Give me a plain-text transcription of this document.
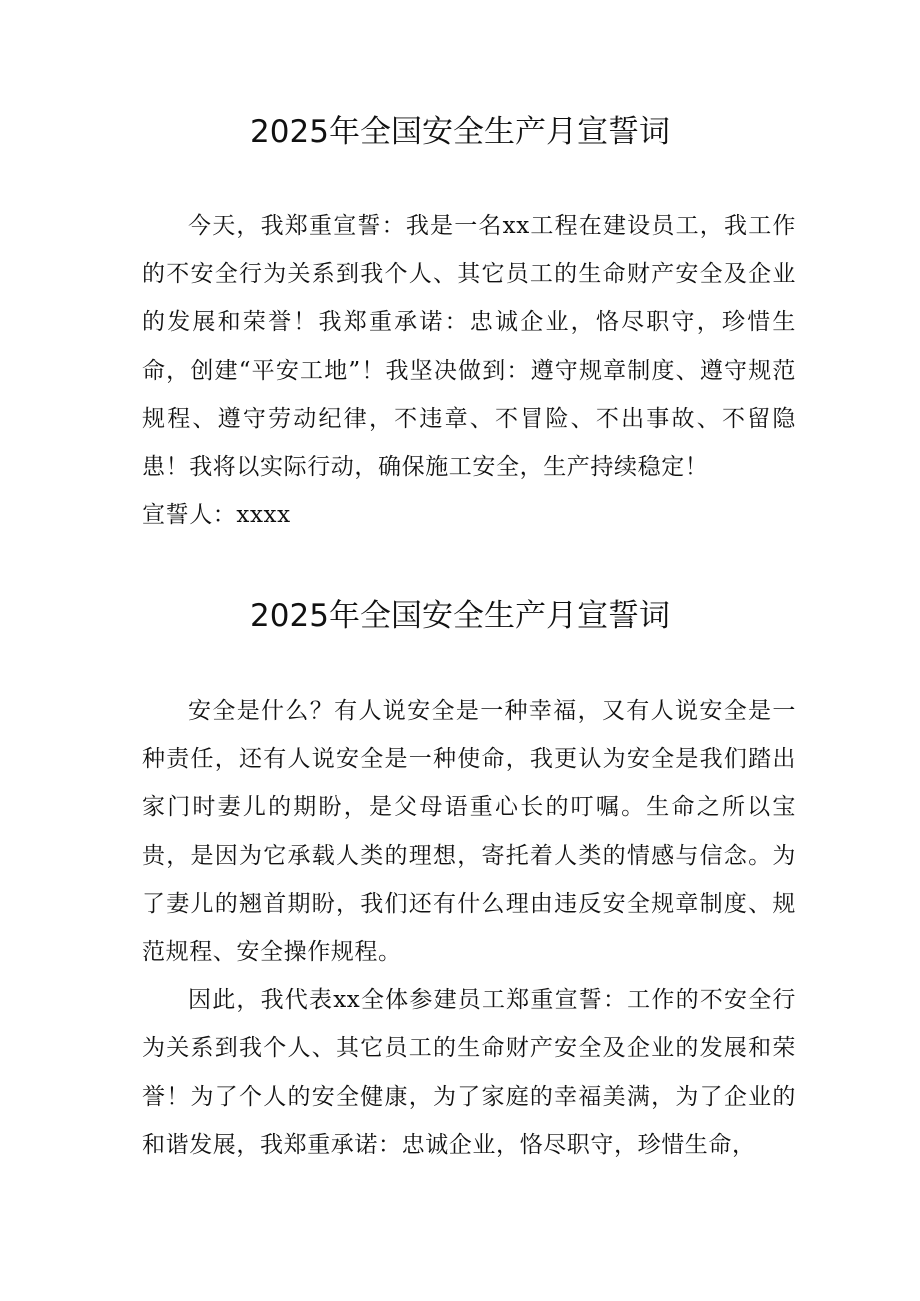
2025年全国安全生产月宣誓词

今天，我郑重宣誓：我是一名xx工程在建设员工，我工作的不安全行为关系到我个人、其它员工的生命财产安全及企业的发展和荣誉！我郑重承诺：忠诚企业，恪尽职守，珍惜生命，创建“平安工地”！我坚决做到：遵守规章制度、遵守规范规程、遵守劳动纪律，不违章、不冒险、不出事故、不留隐患！我将以实际行动，确保施工安全，生产持续稳定！

宣誓人：xxxx

2025年全国安全生产月宣誓词

安全是什么？有人说安全是一种幸福，又有人说安全是一种责任，还有人说安全是一种使命，我更认为安全是我们踏出家门时妻儿的期盼，是父母语重心长的叮嘱。生命之所以宝贵，是因为它承载人类的理想，寄托着人类的情感与信念。为了妻儿的翘首期盼，我们还有什么理由违反安全规章制度、规范规程、安全操作规程。

因此，我代表xx全体参建员工郑重宣誓：工作的不安全行为关系到我个人、其它员工的生命财产安全及企业的发展和荣誉！为了个人的安全健康，为了家庭的幸福美满，为了企业的和谐发展，我郑重承诺：忠诚企业，恪尽职守，珍惜生命，
